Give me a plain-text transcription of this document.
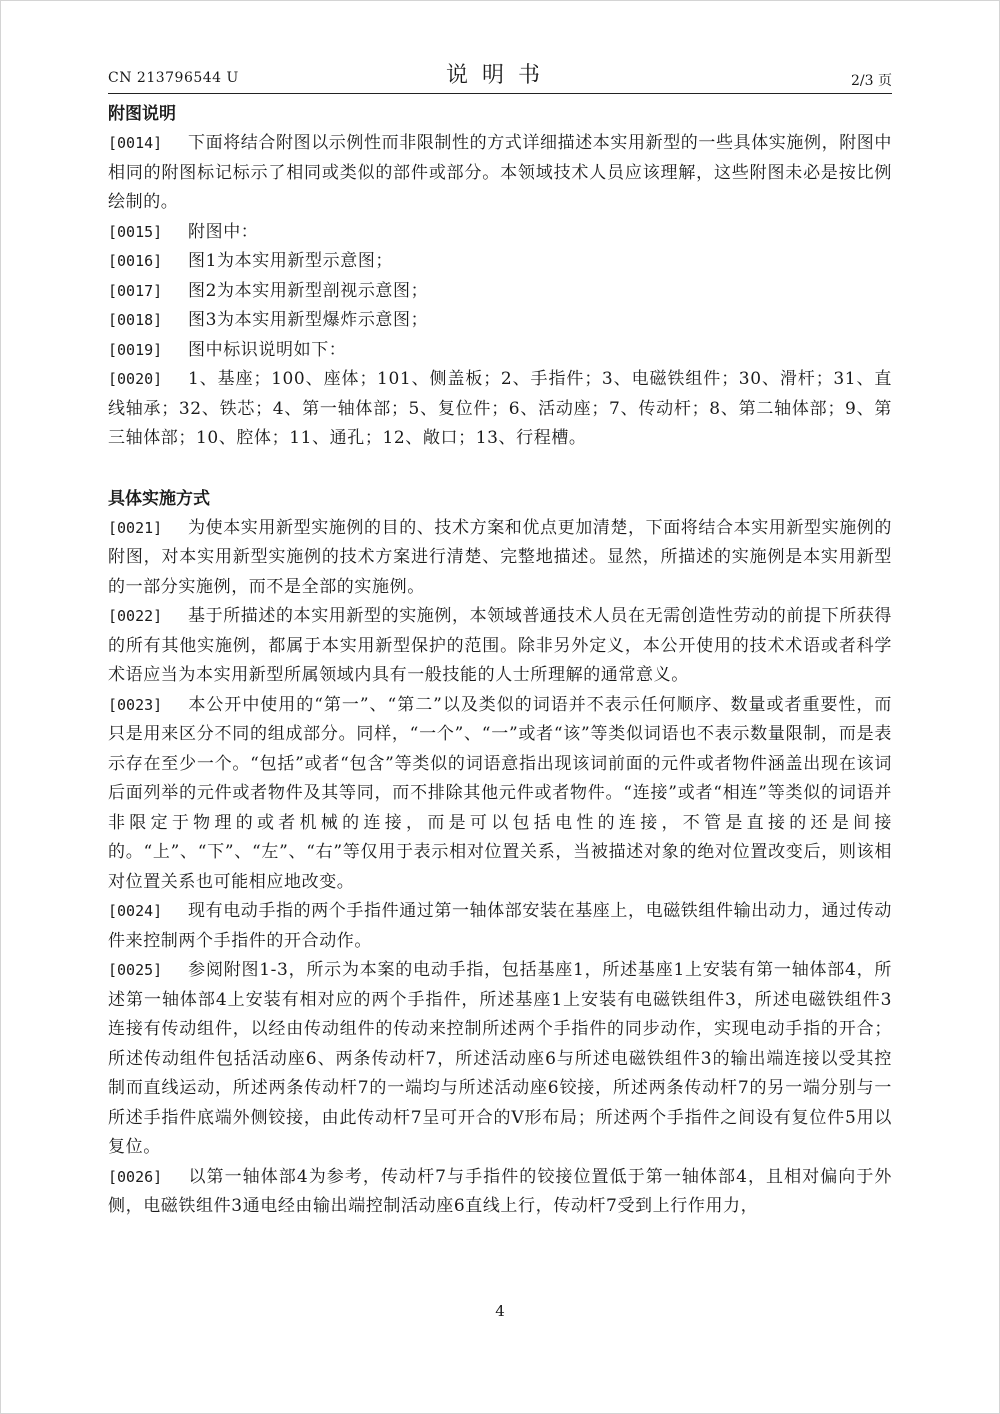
CN 213796544 U	说明书	2/3 页

附图说明

[0014] 下面将结合附图以示例性而非限制性的方式详细描述本实用新型的一些具体实施例，附图中相同的附图标记标示了相同或类似的部件或部分。本领域技术人员应该理解，这些附图未必是按比例绘制的。

[0015] 附图中：

[0016] 图1为本实用新型示意图；

[0017] 图2为本实用新型剖视示意图；

[0018] 图3为本实用新型爆炸示意图；

[0019] 图中标识说明如下：

[0020] 1、基座；100、座体；101、侧盖板；2、手指件；3、电磁铁组件；30、滑杆；31、直线轴承；32、铁芯；4、第一轴体部；5、复位件；6、活动座；7、传动杆；8、第二轴体部；9、第三轴体部；10、腔体；11、通孔；12、敞口；13、行程槽。

具体实施方式

[0021] 为使本实用新型实施例的目的、技术方案和优点更加清楚，下面将结合本实用新型实施例的附图，对本实用新型实施例的技术方案进行清楚、完整地描述。显然，所描述的实施例是本实用新型的一部分实施例，而不是全部的实施例。

[0022] 基于所描述的本实用新型的实施例，本领域普通技术人员在无需创造性劳动的前提下所获得的所有其他实施例，都属于本实用新型保护的范围。除非另外定义，本公开使用的技术术语或者科学术语应当为本实用新型所属领域内具有一般技能的人士所理解的通常意义。

[0023] 本公开中使用的“第一”、“第二”以及类似的词语并不表示任何顺序、数量或者重要性，而只是用来区分不同的组成部分。同样，“一个”、“一”或者“该”等类似词语也不表示数量限制，而是表示存在至少一个。“包括”或者“包含”等类似的词语意指出现该词前面的元件或者物件涵盖出现在该词后面列举的元件或者物件及其等同，而不排除其他元件或者物件。“连接”或者“相连”等类似的词语并非限定于物理的或者机械的连接，而是可以包括电性的连接，不管是直接的还是间接的。“上”、“下”、“左”、“右”等仅用于表示相对位置关系，当被描述对象的绝对位置改变后，则该相对位置关系也可能相应地改变。

[0024] 现有电动手指的两个手指件通过第一轴体部安装在基座上，电磁铁组件输出动力，通过传动件来控制两个手指件的开合动作。

[0025] 参阅附图1-3，所示为本案的电动手指，包括基座1，所述基座1上安装有第一轴体部4，所述第一轴体部4上安装有相对应的两个手指件，所述基座1上安装有电磁铁组件3，所述电磁铁组件3连接有传动组件，以经由传动组件的传动来控制所述两个手指件的同步动作，实现电动手指的开合；所述传动组件包括活动座6、两条传动杆7，所述活动座6与所述电磁铁组件3的输出端连接以受其控制而直线运动，所述两条传动杆7的一端均与所述活动座6铰接，所述两条传动杆7的另一端分别与一所述手指件底端外侧铰接，由此传动杆7呈可开合的V形布局；所述两个手指件之间设有复位件5用以复位。

[0026] 以第一轴体部4为参考，传动杆7与手指件的铰接位置低于第一轴体部4，且相对偏向于外侧，电磁铁组件3通电经由输出端控制活动座6直线上行，传动杆7受到上行作用力，

4
